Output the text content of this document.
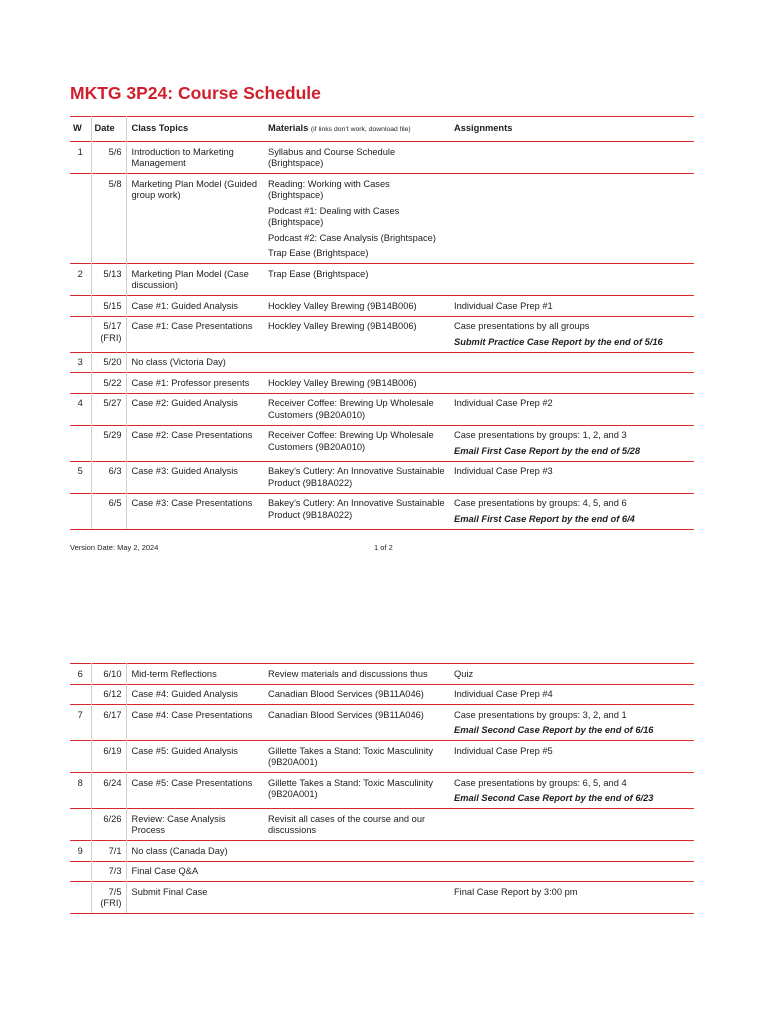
MKTG 3P24: Course Schedule
W	Date	Class Topics	Materials (if links don’t work, download file)	Assignments
1	5/6	Introduction to Marketing Management	Syllabus and Course Schedule (Brightspace)	

	5/8	Marketing Plan Model (Guided group work)	Reading: Working with Cases (Brightspace)
Podcast #1: Dealing with Cases (Brightspace)
Podcast #2: Case Analysis (Brightspace)
Trap Ease (Brightspace)	

2	5/13	Marketing Plan Model (Case discussion)	Trap Ease (Brightspace)	

	5/15	Case #1: Guided Analysis	Hockley Valley Brewing (9B14B006)	Individual Case Prep #1

	5/17 (FRI)	Case #1: Case Presentations	Hockley Valley Brewing (9B14B006)	Case presentations by all groups
Submit Practice Case Report by the end of 5/16

3	5/20	No class (Victoria Day)		
	5/22	Case #1: Professor presents	Hockley Valley Brewing (9B14B006)	

4	5/27	Case #2: Guided Analysis	Receiver Coffee: Brewing Up Wholesale Customers (9B20A010)	Individual Case Prep #2

	5/29	Case #2: Case Presentations	Receiver Coffee: Brewing Up Wholesale Customers (9B20A010)	Case presentations by groups: 1, 2, and 3
Email First Case Report by the end of 5/28

5	6/3	Case #3: Guided Analysis	Bakey’s Cutlery: An Innovative Sustainable Product (9B18A022)	Individual Case Prep #3

	6/5	Case #3: Case Presentations	Bakey’s Cutlery: An Innovative Sustainable Product (9B18A022)	Case presentations by groups: 4, 5, and 6
Email First Case Report by the end of 6/4
Version Date: May 2, 2024	1 of 2
6	6/10	Mid-term Reflections	Review materials and discussions thus	Quiz

	6/12	Case #4: Guided Analysis	Canadian Blood Services (9B11A046)	Individual Case Prep #4

7	6/17	Case #4: Case Presentations	Canadian Blood Services (9B11A046)	Case presentations by groups: 3, 2, and 1
Email Second Case Report by the end of 6/16

	6/19	Case #5: Guided Analysis	Gillette Takes a Stand: Toxic Masculinity (9B20A001)	Individual Case Prep #5

8	6/24	Case #5: Case Presentations	Gillette Takes a Stand: Toxic Masculinity (9B20A001)	Case presentations by groups: 6, 5, and 4
Email Second Case Report by the end of 6/23

	6/26	Review: Case Analysis Process	Revisit all cases of the course and our discussions	

9	7/1	No class (Canada Day)		
	7/3	Final Case Q&A		
	7/5 (FRI)	Submit Final Case		Final Case Report by 3:00 pm
